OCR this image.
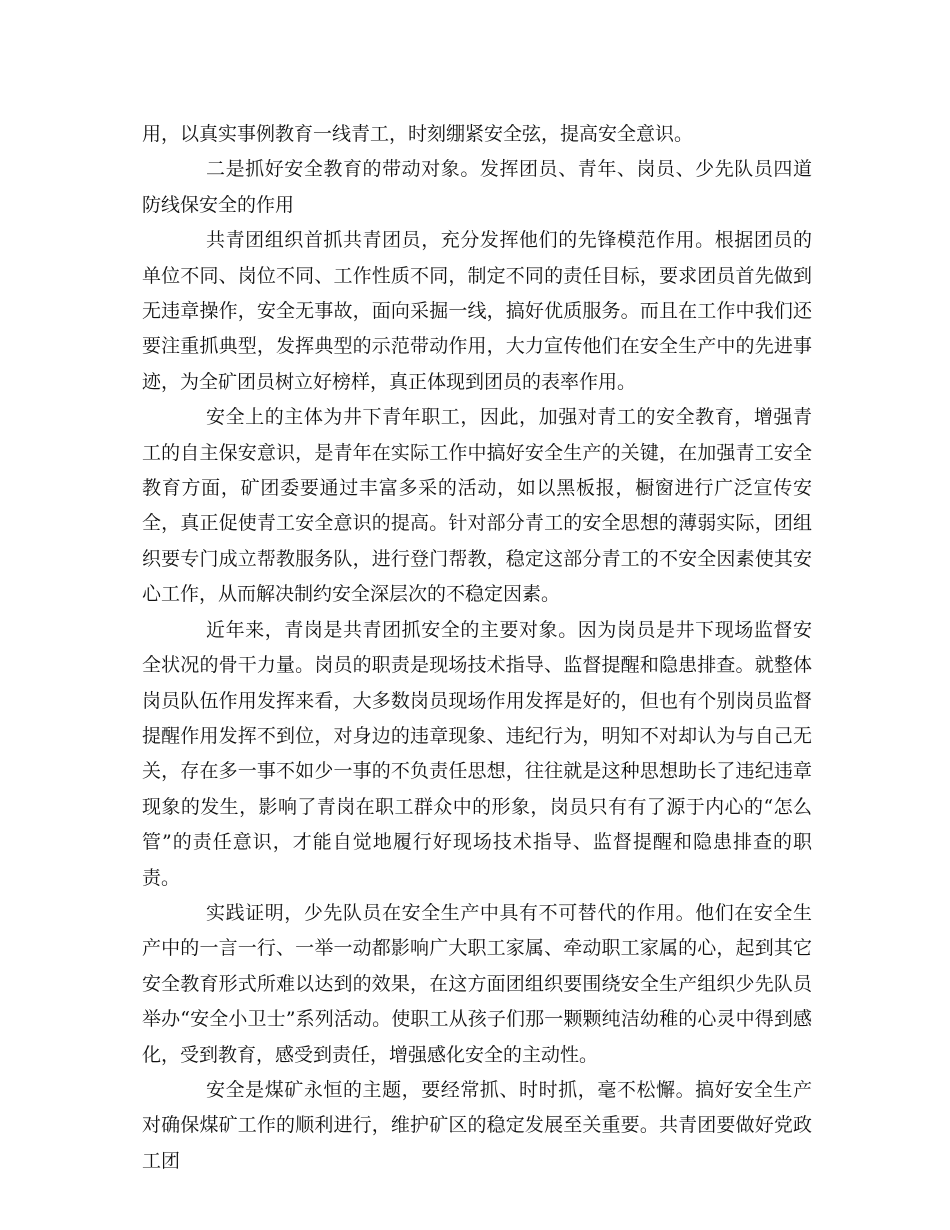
用，以真实事例教育一线青工，时刻绷紧安全弦，提高安全意识。

二是抓好安全教育的带动对象。发挥团员、青年、岗员、少先队员四道防线保安全的作用

共青团组织首抓共青团员，充分发挥他们的先锋模范作用。根据团员的单位不同、岗位不同、工作性质不同，制定不同的责任目标，要求团员首先做到无违章操作，安全无事故，面向采掘一线，搞好优质服务。而且在工作中我们还要注重抓典型，发挥典型的示范带动作用，大力宣传他们在安全生产中的先进事迹，为全矿团员树立好榜样，真正体现到团员的表率作用。

安全上的主体为井下青年职工，因此，加强对青工的安全教育，增强青工的自主保安意识，是青年在实际工作中搞好安全生产的关键，在加强青工安全教育方面，矿团委要通过丰富多采的活动，如以黑板报，橱窗进行广泛宣传安全，真正促使青工安全意识的提高。针对部分青工的安全思想的薄弱实际，团组织要专门成立帮教服务队，进行登门帮教，稳定这部分青工的不安全因素使其安心工作，从而解决制约安全深层次的不稳定因素。

近年来，青岗是共青团抓安全的主要对象。因为岗员是井下现场监督安全状况的骨干力量。岗员的职责是现场技术指导、监督提醒和隐患排查。就整体岗员队伍作用发挥来看，大多数岗员现场作用发挥是好的，但也有个别岗员监督提醒作用发挥不到位，对身边的违章现象、违纪行为，明知不对却认为与自己无关，存在多一事不如少一事的不负责任思想，往往就是这种思想助长了违纪违章现象的发生，影响了青岗在职工群众中的形象，岗员只有有了源于内心的“怎么管”的责任意识，才能自觉地履行好现场技术指导、监督提醒和隐患排查的职责。

实践证明，少先队员在安全生产中具有不可替代的作用。他们在安全生产中的一言一行、一举一动都影响广大职工家属、牵动职工家属的心，起到其它安全教育形式所难以达到的效果，在这方面团组织要围绕安全生产组织少先队员举办“安全小卫士”系列活动。使职工从孩子们那一颗颗纯洁幼稚的心灵中得到感化，受到教育，感受到责任，增强感化安全的主动性。

安全是煤矿永恒的主题，要经常抓、时时抓，毫不松懈。搞好安全生产对确保煤矿工作的顺利进行，维护矿区的稳定发展至关重要。共青团要做好党政工团
